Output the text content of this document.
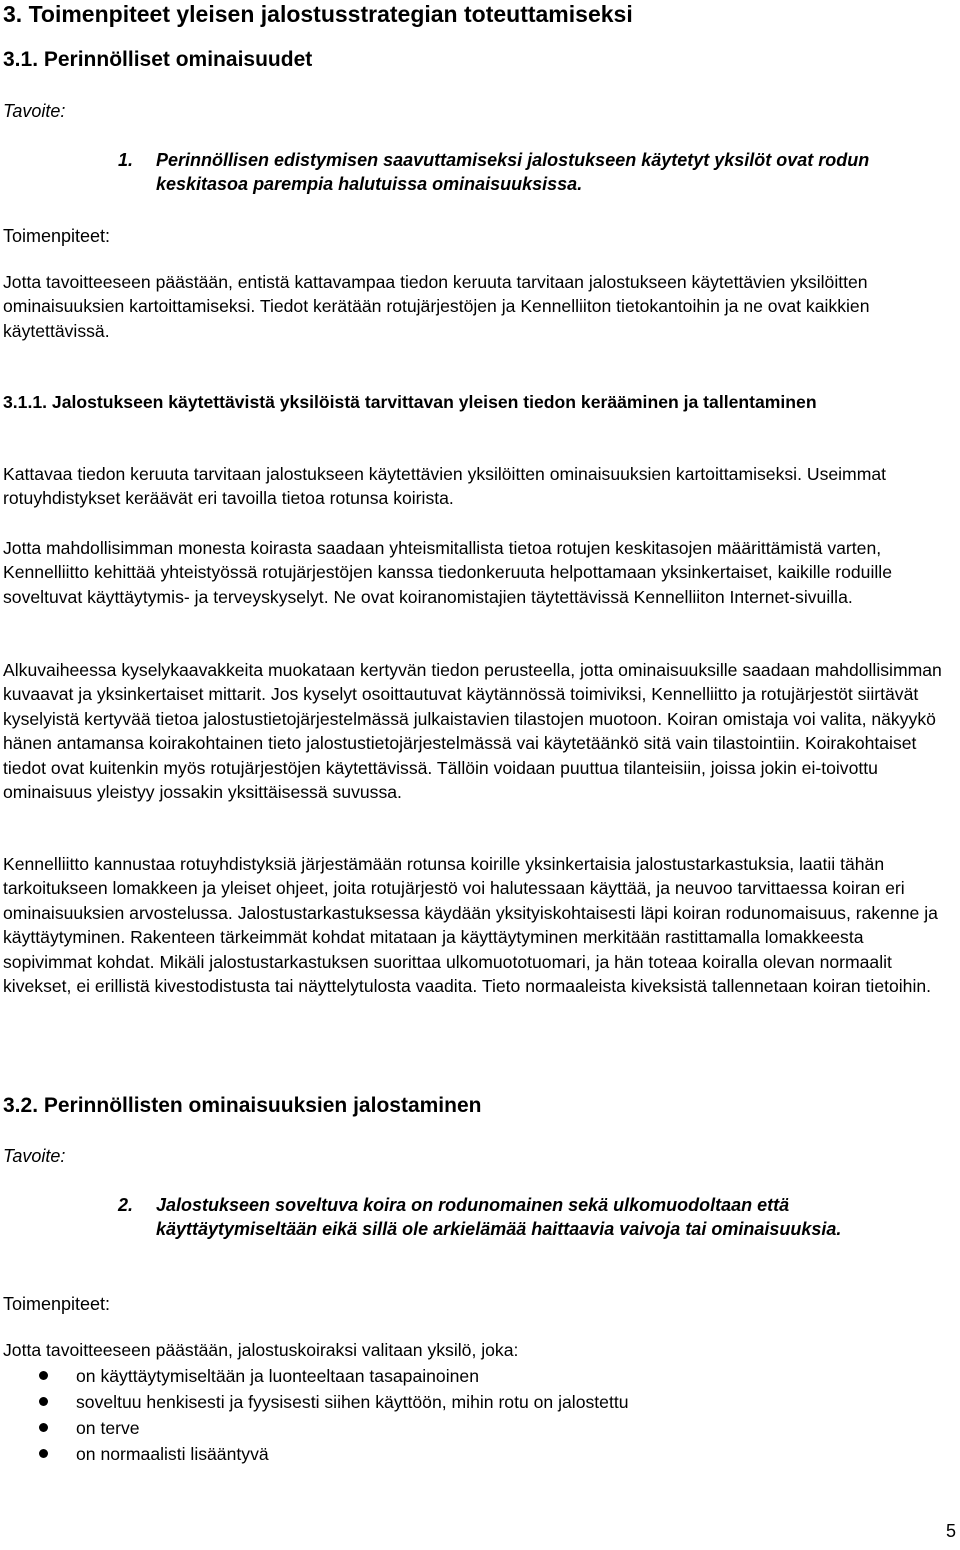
3. Toimenpiteet yleisen jalostusstrategian toteuttamiseksi
3.1. Perinnölliset ominaisuudet
Tavoite:
1. Perinnöllisen edistymisen saavuttamiseksi jalostukseen käytetyt yksilöt ovat rodun keskitasoa parempia halutuissa ominaisuuksissa.
Toimenpiteet:

Jotta tavoitteeseen päästään, entistä kattavampaa tiedon keruuta tarvitaan jalostukseen käytettävien yksilöitten ominaisuuksien kartoittamiseksi. Tiedot kerätään rotujärjestöjen ja Kennelliiton tietokantoihin ja ne ovat kaikkien käytettävissä.

3.1.1. Jalostukseen käytettävistä yksilöistä tarvittavan yleisen tiedon kerääminen ja tallentaminen

Kattavaa tiedon keruuta tarvitaan jalostukseen käytettävien yksilöitten ominaisuuksien kartoittamiseksi. Useimmat rotuyhdistykset keräävät eri tavoilla tietoa rotunsa koirista.

Jotta mahdollisimman monesta koirasta saadaan yhteismitallista tietoa rotujen keskitasojen määrittämistä varten, Kennelliitto kehittää yhteistyössä rotujärjestöjen kanssa tiedonkeruuta helpottamaan yksinkertaiset, kaikille roduille soveltuvat käyttäytymis- ja terveyskyselyt. Ne ovat koiranomistajien täytettävissä Kennelliiton Internet-sivuilla.

Alkuvaiheessa kyselykaavakkeita muokataan kertyvän tiedon perusteella, jotta ominaisuuksille saadaan mahdollisimman kuvaavat ja yksinkertaiset mittarit. Jos kyselyt osoittautuvat käytännössä toimiviksi, Kennelliitto ja rotujärjestöt siirtävät kyselyistä kertyvää tietoa jalostustietojärjestelmässä julkaistavien tilastojen muotoon. Koiran omistaja voi valita, näkyykö hänen antamansa koirakohtainen tieto jalostustietojärjestelmässä vai käytetäänkö sitä vain tilastointiin. Koirakohtaiset tiedot ovat kuitenkin myös rotujärjestöjen käytettävissä. Tällöin voidaan puuttua tilanteisiin, joissa jokin ei-toivottu ominaisuus yleistyy jossakin yksittäisessä suvussa.

Kennelliitto kannustaa rotuyhdistyksiä järjestämään rotunsa koirille yksinkertaisia jalostustarkastuksia, laatii tähän tarkoitukseen lomakkeen ja yleiset ohjeet, joita rotujärjestö voi halutessaan käyttää, ja neuvoo tarvittaessa koiran eri ominaisuuksien arvostelussa. Jalostustarkastuksessa käydään yksityiskohtaisesti läpi koiran rodunomaisuus, rakenne ja käyttäytyminen. Rakenteen tärkeimmät kohdat mitataan ja käyttäytyminen merkitään rastittamalla lomakkeesta sopivimmat kohdat. Mikäli jalostustarkastuksen suorittaa ulkomuototuomari, ja hän toteaa koiralla olevan normaalit kivekset, ei erillistä kivestodistusta tai näyttelytulosta vaadita. Tieto normaaleista kiveksistä tallennetaan koiran tietoihin.

3.2. Perinnöllisten ominaisuuksien jalostaminen
Tavoite:
2. Jalostukseen soveltuva koira on rodunomainen sekä ulkomuodoltaan että käyttäytymiseltään eikä sillä ole arkielämää haittaavia vaivoja tai ominaisuuksia.
Toimenpiteet:

Jotta tavoitteeseen päästään, jalostuskoiraksi valitaan yksilö, joka:

on käyttäytymiseltään ja luonteeltaan tasapainoinen
soveltuu henkisesti ja fyysisesti siihen käyttöön, mihin rotu on jalostettu
on terve
on normaalisti lisääntyvä
5
